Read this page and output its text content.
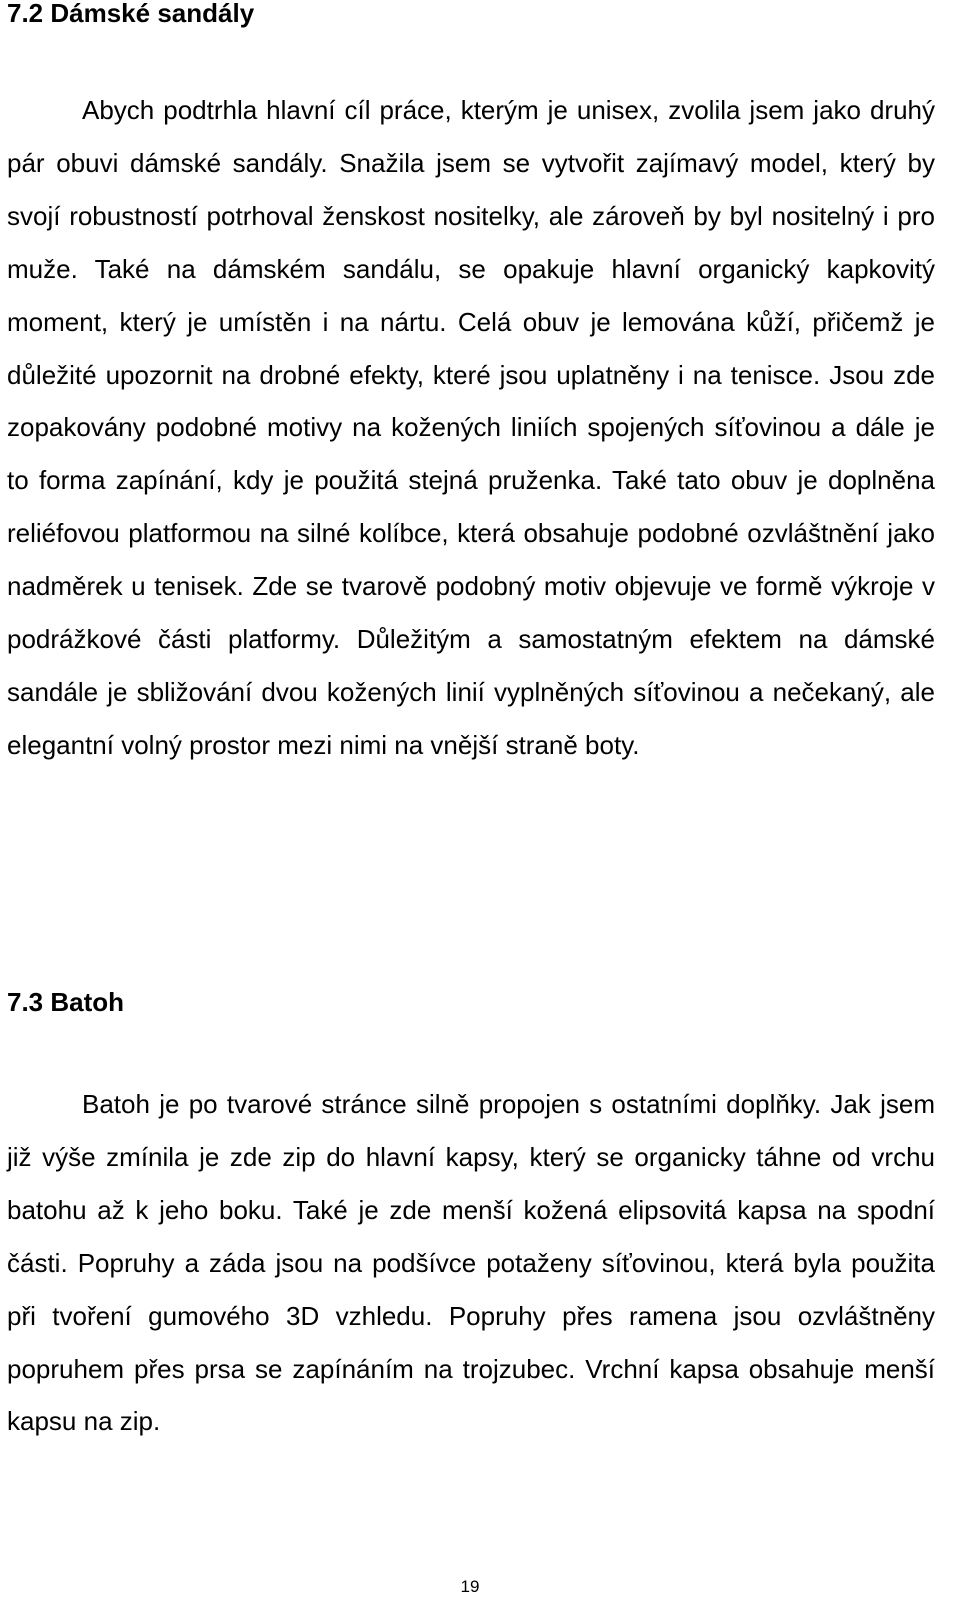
7.2 Dámské sandály

Abych podtrhla hlavní cíl práce, kterým je unisex, zvolila jsem jako druhý pár obuvi dámské sandály. Snažila jsem se vytvořit zajímavý model, který by svojí robustností potrhoval ženskost nositelky, ale zároveň by byl nositelný i pro muže. Také na dámském sandálu, se opakuje hlavní organický kapkovitý moment, který je umístěn i na nártu. Celá obuv je lemována kůží, přičemž je důležité upozornit na drobné efekty, které jsou uplatněny i na tenisce. Jsou zde zopakovány podobné motivy na kožených liniích spojených síťovinou a dále je to forma zapínání, kdy je použitá stejná pruženka. Také tato obuv je doplněna reliéfovou platformou na silné kolíbce, která obsahuje podobné ozvláštnění jako nadměrek u tenisek. Zde se tvarově podobný motiv objevuje ve formě výkroje v podrážkové části platformy. Důležitým a samostatným efektem na dámské sandále je sbližování dvou kožených linií vyplněných síťovinou a nečekaný, ale elegantní volný prostor mezi nimi na vnější straně boty.

7.3 Batoh

Batoh je po tvarové stránce silně propojen s ostatními doplňky. Jak jsem již výše zmínila je zde zip do hlavní kapsy, který se organicky táhne od vrchu batohu až k jeho boku. Také je zde menší kožená elipsovitá kapsa na spodní části. Popruhy a záda jsou na podšívce potaženy síťovinou, která byla použita při tvoření gumového 3D vzhledu. Popruhy přes ramena jsou ozvláštněny popruhem přes prsa se zapínáním na trojzubec. Vrchní kapsa obsahuje menší kapsu na zip.

19
